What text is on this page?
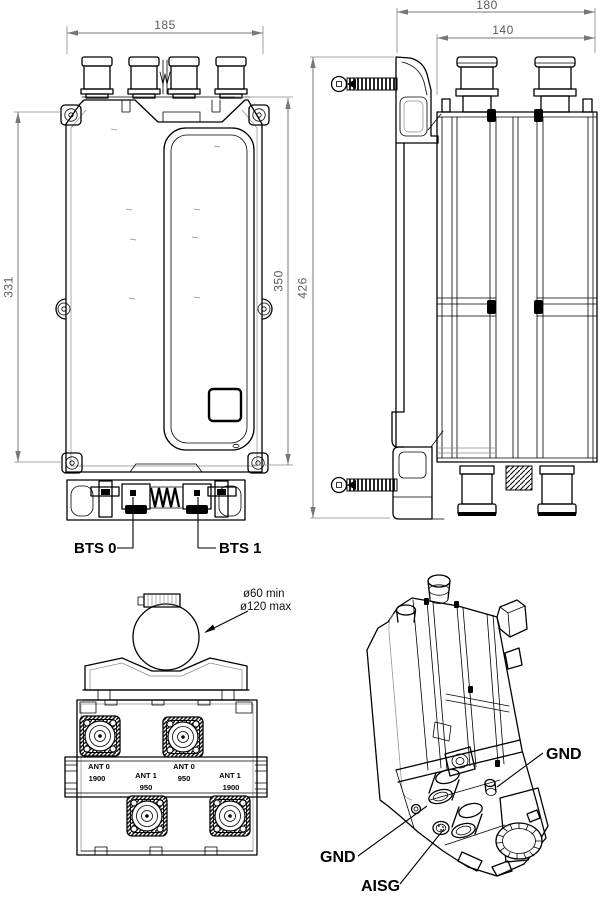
185
331	350
BTS 0	BTS 1
180
140
426
ø60 min
ø120 max
ANT 0
1900	ANT 1
950
ANT 0
950	ANT 1
1900
GND
GND
AISG
